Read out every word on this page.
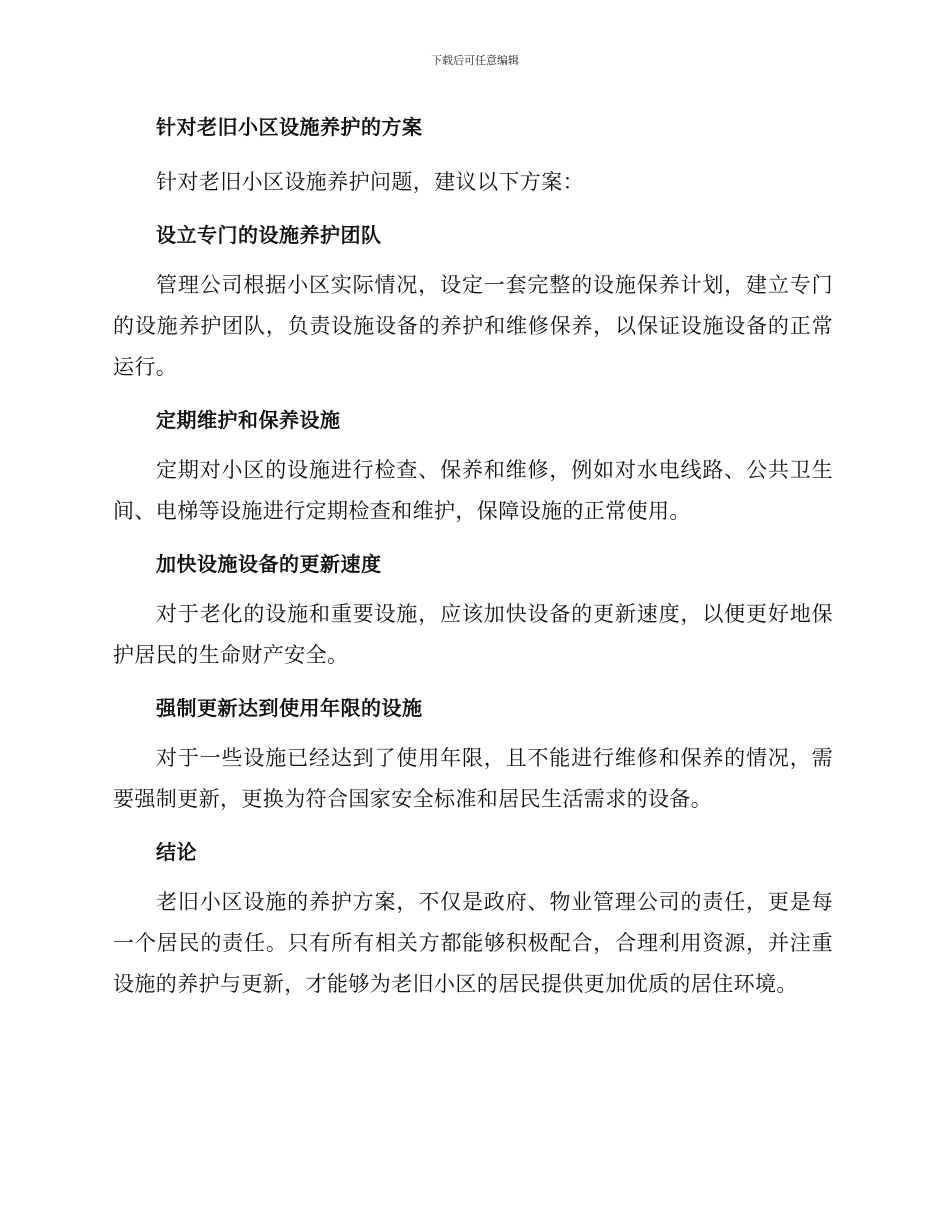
下载后可任意编辑
针对老旧小区设施养护的方案

针对老旧小区设施养护问题，建议以下方案：

设立专门的设施养护团队

管理公司根据小区实际情况，设定一套完整的设施保养计划，建立专门的设施养护团队，负责设施设备的养护和维修保养，以保证设施设备的正常运行。

定期维护和保养设施

定期对小区的设施进行检查、保养和维修，例如对水电线路、公共卫生间、电梯等设施进行定期检查和维护，保障设施的正常使用。

加快设施设备的更新速度

对于老化的设施和重要设施，应该加快设备的更新速度，以便更好地保护居民的生命财产安全。

强制更新达到使用年限的设施

对于一些设施已经达到了使用年限，且不能进行维修和保养的情况，需要强制更新，更换为符合国家安全标准和居民生活需求的设备。

结论

老旧小区设施的养护方案，不仅是政府、物业管理公司的责任，更是每一个居民的责任。只有所有相关方都能够积极配合，合理利用资源，并注重设施的养护与更新，才能够为老旧小区的居民提供更加优质的居住环境。
